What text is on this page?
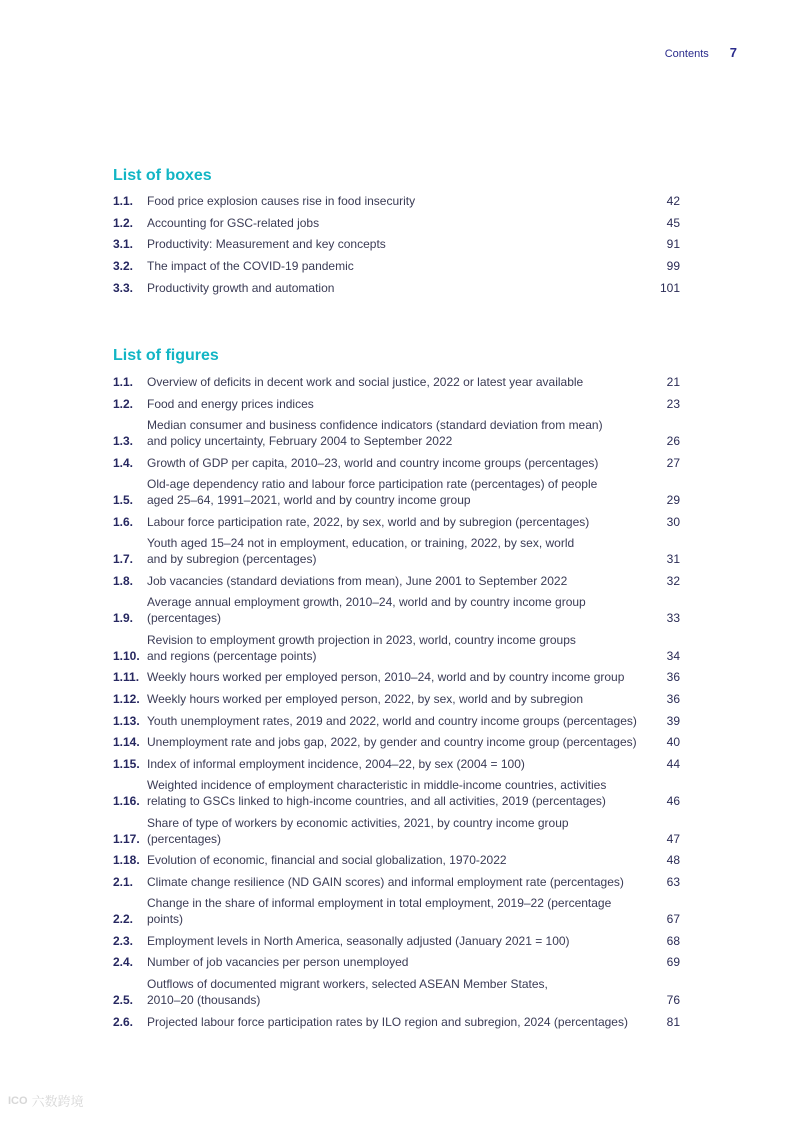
Contents 7
List of boxes
1.1.	Food price explosion causes rise in food insecurity	42
1.2.	Accounting for GSC-related jobs	45
3.1.	Productivity: Measurement and key concepts	91
3.2.	The impact of the COVID-19 pandemic	99
3.3.	Productivity growth and automation	101
List of figures
1.1.	Overview of deficits in decent work and social justice, 2022 or latest year available	21
1.2.	Food and energy prices indices	23
1.3.
Median consumer and business confidence indicators (standard deviation from mean)
and policy uncertainty, February 2004 to September 2022	26
1.4.	Growth of GDP per capita, 2010–23, world and country income groups (percentages)	27
1.5.
Old-age dependency ratio and labour force participation rate (percentages) of people
aged 25–64, 1991–2021, world and by country income group	29
1.6.	Labour force participation rate, 2022, by sex, world and by subregion (percentages)	30
1.7.
Youth aged 15–24 not in employment, education, or training, 2022, by sex, world
and by subregion (percentages)	31
1.8.	Job vacancies (standard deviations from mean), June 2001 to September 2022	32
1.9.
Average annual employment growth, 2010–24, world and by country income group (percentages)	33
1.10.
Revision to employment growth projection in 2023, world, country income groups
and regions (percentage points)	34
1.11. Weekly hours worked per employed person, 2010–24, world and by country income group	36
1.12. Weekly hours worked per employed person, 2022, by sex, world and by subregion	36
1.13. Youth unemployment rates, 2019 and 2022, world and country income groups (percentages)	39
1.14. Unemployment rate and jobs gap, 2022, by gender and country income group (percentages)	40
1.15. Index of informal employment incidence, 2004–22, by sex (2004 = 100)	44
1.16.
Weighted incidence of employment characteristic in middle-income countries, activities
relating to GSCs linked to high-income countries, and all activities, 2019 (percentages)	46
1.17.
Share of type of workers by economic activities, 2021, by country income group (percentages)	47
1.18. Evolution of economic, financial and social globalization, 1970-2022	48
2.1.	Climate change resilience (ND GAIN scores) and informal employment rate (percentages)	63
2.2.
Change in the share of informal employment in total employment, 2019–22 (percentage points)	67
2.3.	Employment levels in North America, seasonally adjusted (January 2021 = 100)	68
2.4.	Number of job vacancies per person unemployed	69
2.5.
Outflows of documented migrant workers, selected ASEAN Member States,
2010–20 (thousands)	76
2.6.	Projected labour force participation rates by ILO region and subregion, 2024 (percentages)	81
ICO 六数跨境
